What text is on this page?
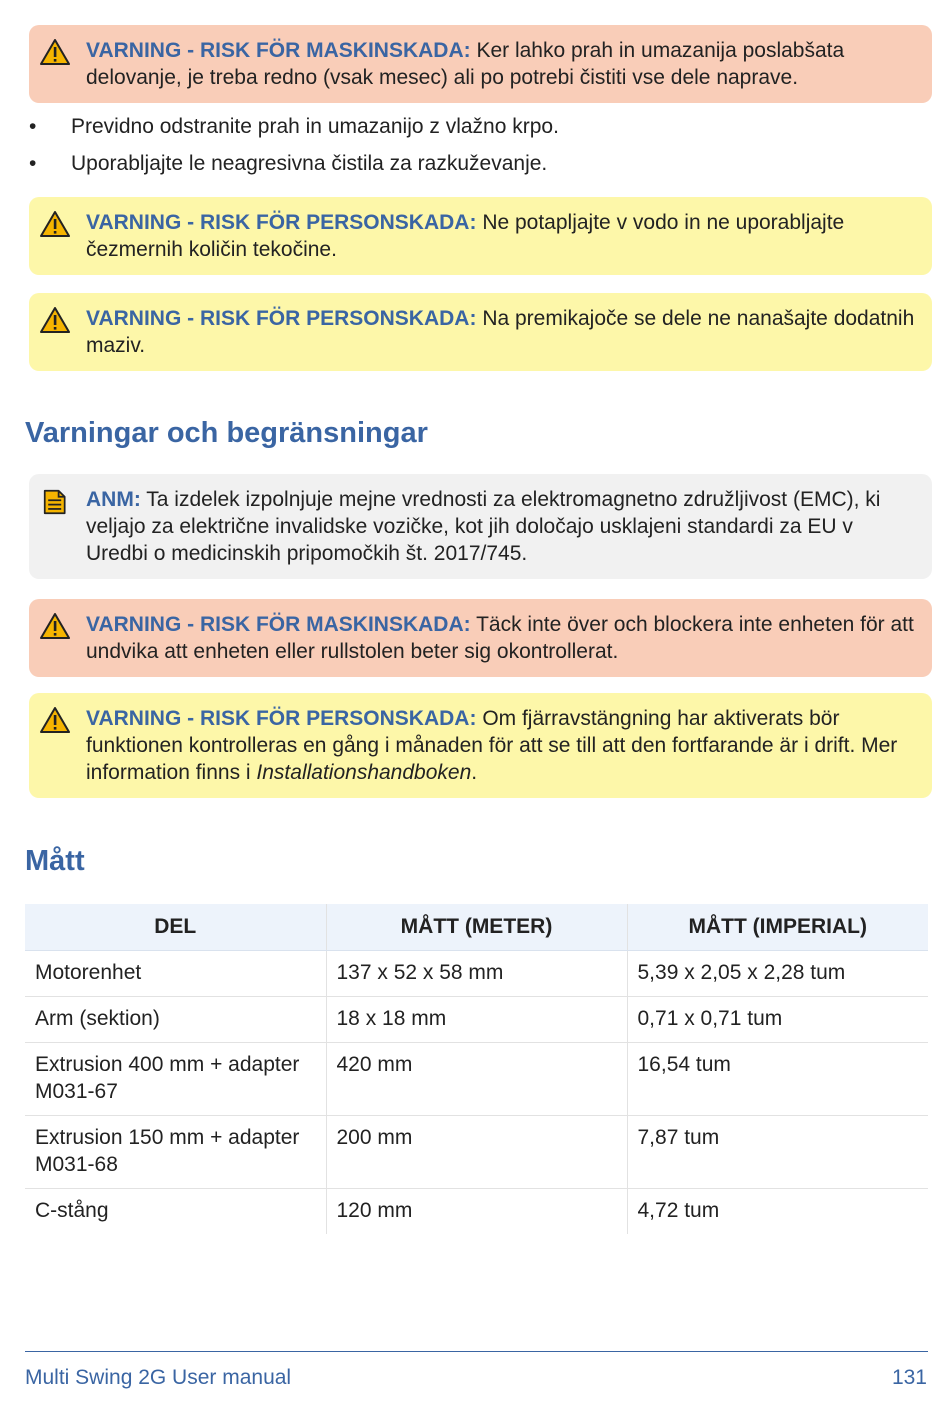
VARNING - RISK FÖR MASKINSKADA: Ker lahko prah in umazanija poslabšata delovanje, je treba redno (vsak mesec) ali po potrebi čistiti vse dele naprave.
• Previdno odstranite prah in umazanijo z vlažno krpo.
• Uporabljajte le neagresivna čistila za razkuževanje.
VARNING - RISK FÖR PERSONSKADA: Ne potapljajte v vodo in ne uporabljajte čezmernih količin tekočine.
VARNING - RISK FÖR PERSONSKADA: Na premikajoče se dele ne nanašajte dodatnih maziv.
Varningar och begränsningar
ANM: Ta izdelek izpolnjuje mejne vrednosti za elektromagnetno združljivost (EMC), ki veljajo za električne invalidske vozičke, kot jih določajo usklajeni standardi za EU v Uredbi o medicinskih pripomočkih št. 2017/745.
VARNING - RISK FÖR MASKINSKADA: Täck inte över och blockera inte enheten för att undvika att enheten eller rullstolen beter sig okontrollerat.
VARNING - RISK FÖR PERSONSKADA: Om fjärravstängning har aktiverats bör funktionen kontrolleras en gång i månaden för att se till att den fortfarande är i drift. Mer information finns i Installationshandboken.
Mått
DEL	MÅTT (METER)	MÅTT (IMPERIAL)
Motorenhet	137 x 52 x 58 mm	5,39 x 2,05 x 2,28 tum
Arm (sektion)	18 x 18 mm	0,71 x 0,71 tum
Extrusion 400 mm + adapter M031-67	420 mm	16,54 tum
Extrusion 150 mm + adapter M031-68	200 mm	7,87 tum
C-stång	120 mm	4,72 tum
Multi Swing 2G User manual	131
